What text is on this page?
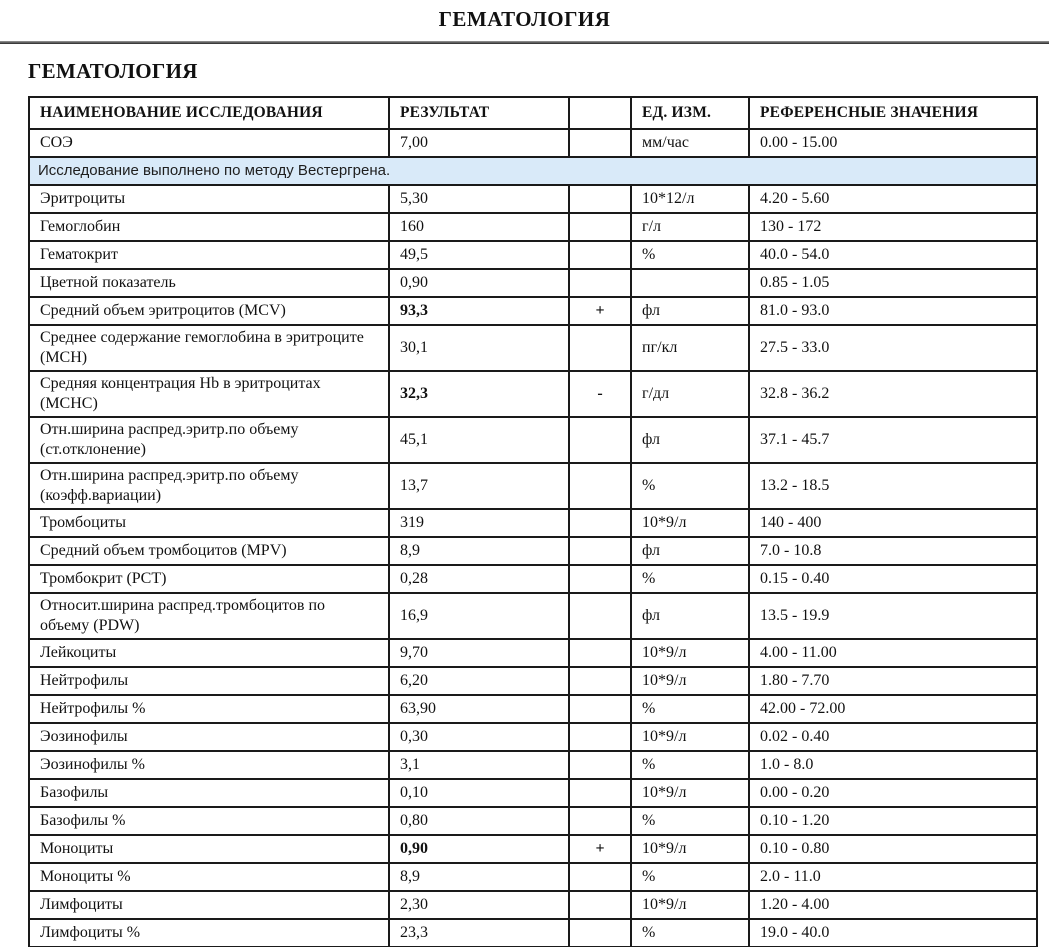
ГЕМАТОЛОГИЯ
ГЕМАТОЛОГИЯ
НАИМЕНОВАНИЕ ИССЛЕДОВАНИЯ	РЕЗУЛЬТАТ		ЕД. ИЗМ.	РЕФЕРЕНСНЫЕ ЗНАЧЕНИЯ
СОЭ	7,00		мм/час	0.00 - 15.00
Исследование выполнено по методу Вестергрена.				
Эритроциты	5,30		10*12/л	4.20 - 5.60
Гемоглобин	160		г/л	130 - 172
Гематокрит	49,5		%	40.0 - 54.0
Цветной показатель	0,90			0.85 - 1.05
Средний объем эритроцитов (MCV)	93,3	+	фл	81.0 - 93.0
Среднее содержание гемоглобина в эритроците (MCH)	30,1		пг/кл	27.5 - 33.0
Средняя концентрация Hb в эритроцитах (MCHC)	32,3	-	г/дл	32.8 - 36.2
Отн.ширина распред.эритр.по объему (ст.отклонение)	45,1		фл	37.1 - 45.7
Отн.ширина распред.эритр.по объему (коэфф.вариации)	13,7		%	13.2 - 18.5
Тромбоциты	319		10*9/л	140 - 400
Средний объем тромбоцитов (MPV)	8,9		фл	7.0 - 10.8
Тромбокрит (PCT)	0,28		%	0.15 - 0.40
Относит.ширина распред.тромбоцитов по объему (PDW)	16,9		фл	13.5 - 19.9
Лейкоциты	9,70		10*9/л	4.00 - 11.00
Нейтрофилы	6,20		10*9/л	1.80 - 7.70
Нейтрофилы %	63,90		%	42.00 - 72.00
Эозинофилы	0,30		10*9/л	0.02 - 0.40
Эозинофилы %	3,1		%	1.0 - 8.0
Базофилы	0,10		10*9/л	0.00 - 0.20
Базофилы %	0,80		%	0.10 - 1.20
Моноциты	0,90	+	10*9/л	0.10 - 0.80
Моноциты %	8,9		%	2.0 - 11.0
Лимфоциты	2,30		10*9/л	1.20 - 4.00
Лимфоциты %	23,3		%	19.0 - 40.0
